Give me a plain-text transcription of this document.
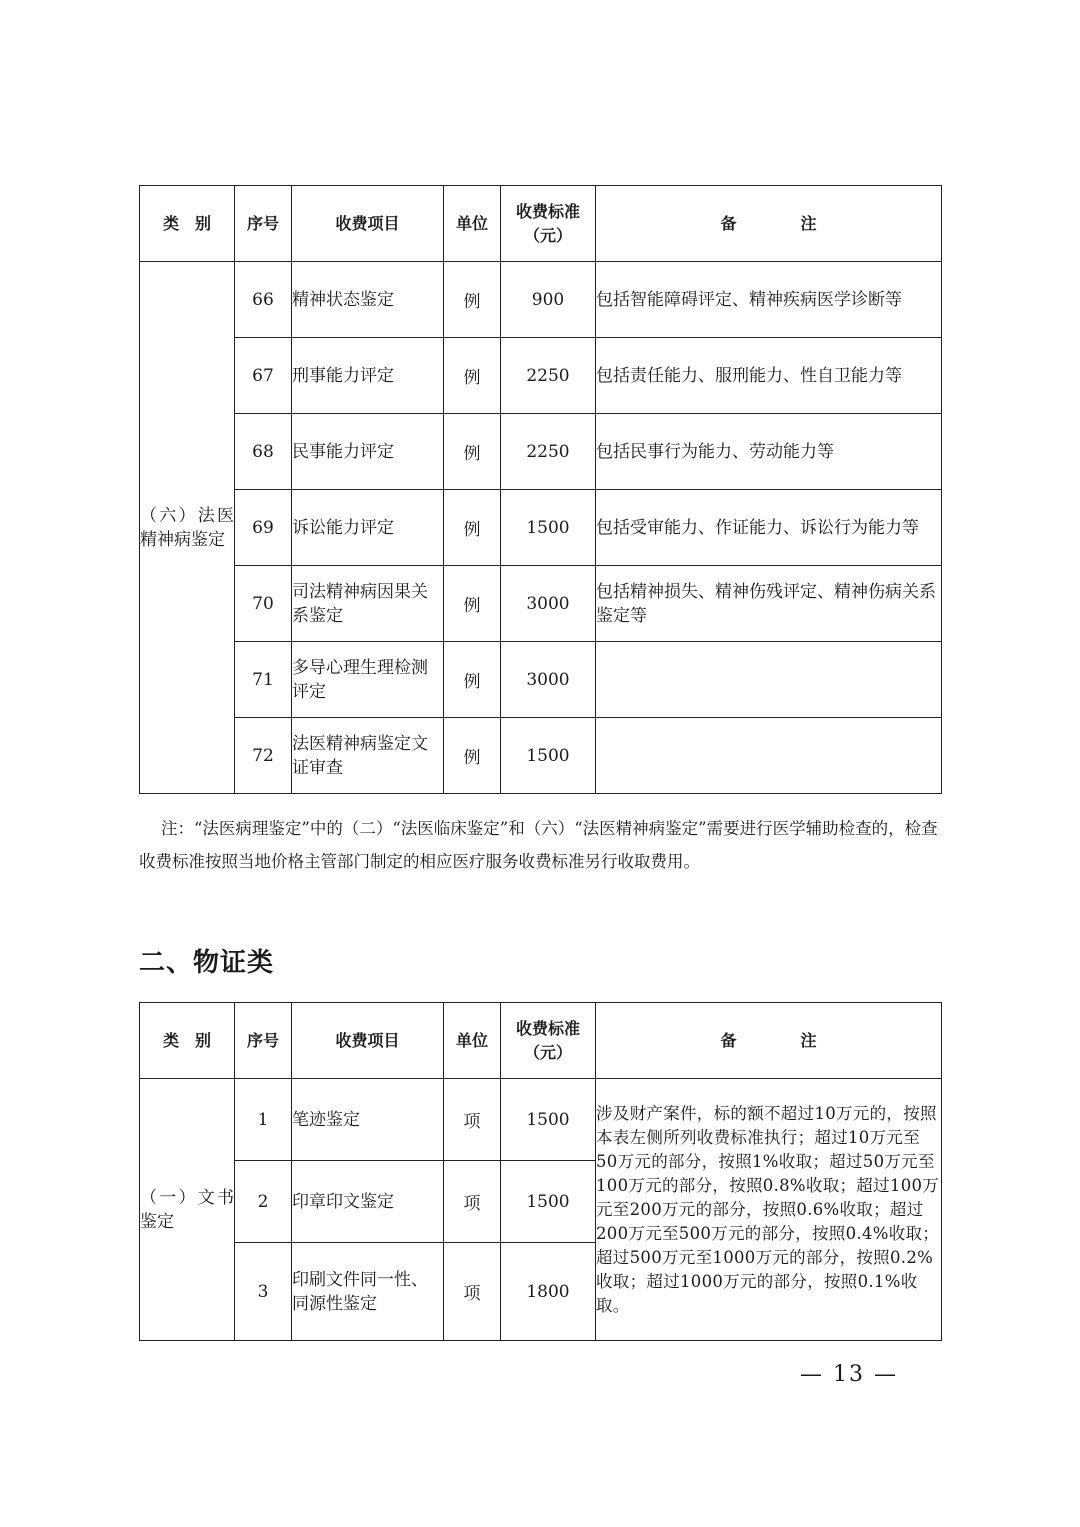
类　别	序号	收费项目	单位	收费标准（元）	备　　　　注
（六）法医精神病鉴定	66	精神状态鉴定	例	900	包括智能障碍评定、精神疾病医学诊断等
	67	刑事能力评定	例	2250	包括责任能力、服刑能力、性自卫能力等
	68	民事能力评定	例	2250	包括民事行为能力、劳动能力等
	69	诉讼能力评定	例	1500	包括受审能力、作证能力、诉讼行为能力等
	70	司法精神病因果关系鉴定	例	3000	包括精神损失、精神伤残评定、精神伤病关系鉴定等
	71	多导心理生理检测评定	例	3000	
	72	法医精神病鉴定文证审查	例	1500	

注：“法医病理鉴定”中的（二）“法医临床鉴定”和（六）“法医精神病鉴定”需要进行医学辅助检查的，检查收费标准按照当地价格主管部门制定的相应医疗服务收费标准另行收取费用。

二、物证类
类　别	序号	收费项目	单位	收费标准（元）	备　　　　注
（一）文书鉴定	1	笔迹鉴定	项	1500	涉及财产案件，标的额不超过10万元的，按照本表左侧所列收费标准执行；超过10万元至50万元的部分，按照1%收取；超过50万元至100万元的部分，按照0.8%收取；超过100万元至200万元的部分，按照0.6%收取；超过200万元至500万元的部分，按照0.4%收取；超过500万元至1000万元的部分，按照0.2%收取；超过1000万元的部分，按照0.1%收取。
	2	印章印文鉴定	项	1500	
	3	印刷文件同一性、同源性鉴定	项	1800	
— 13 —
